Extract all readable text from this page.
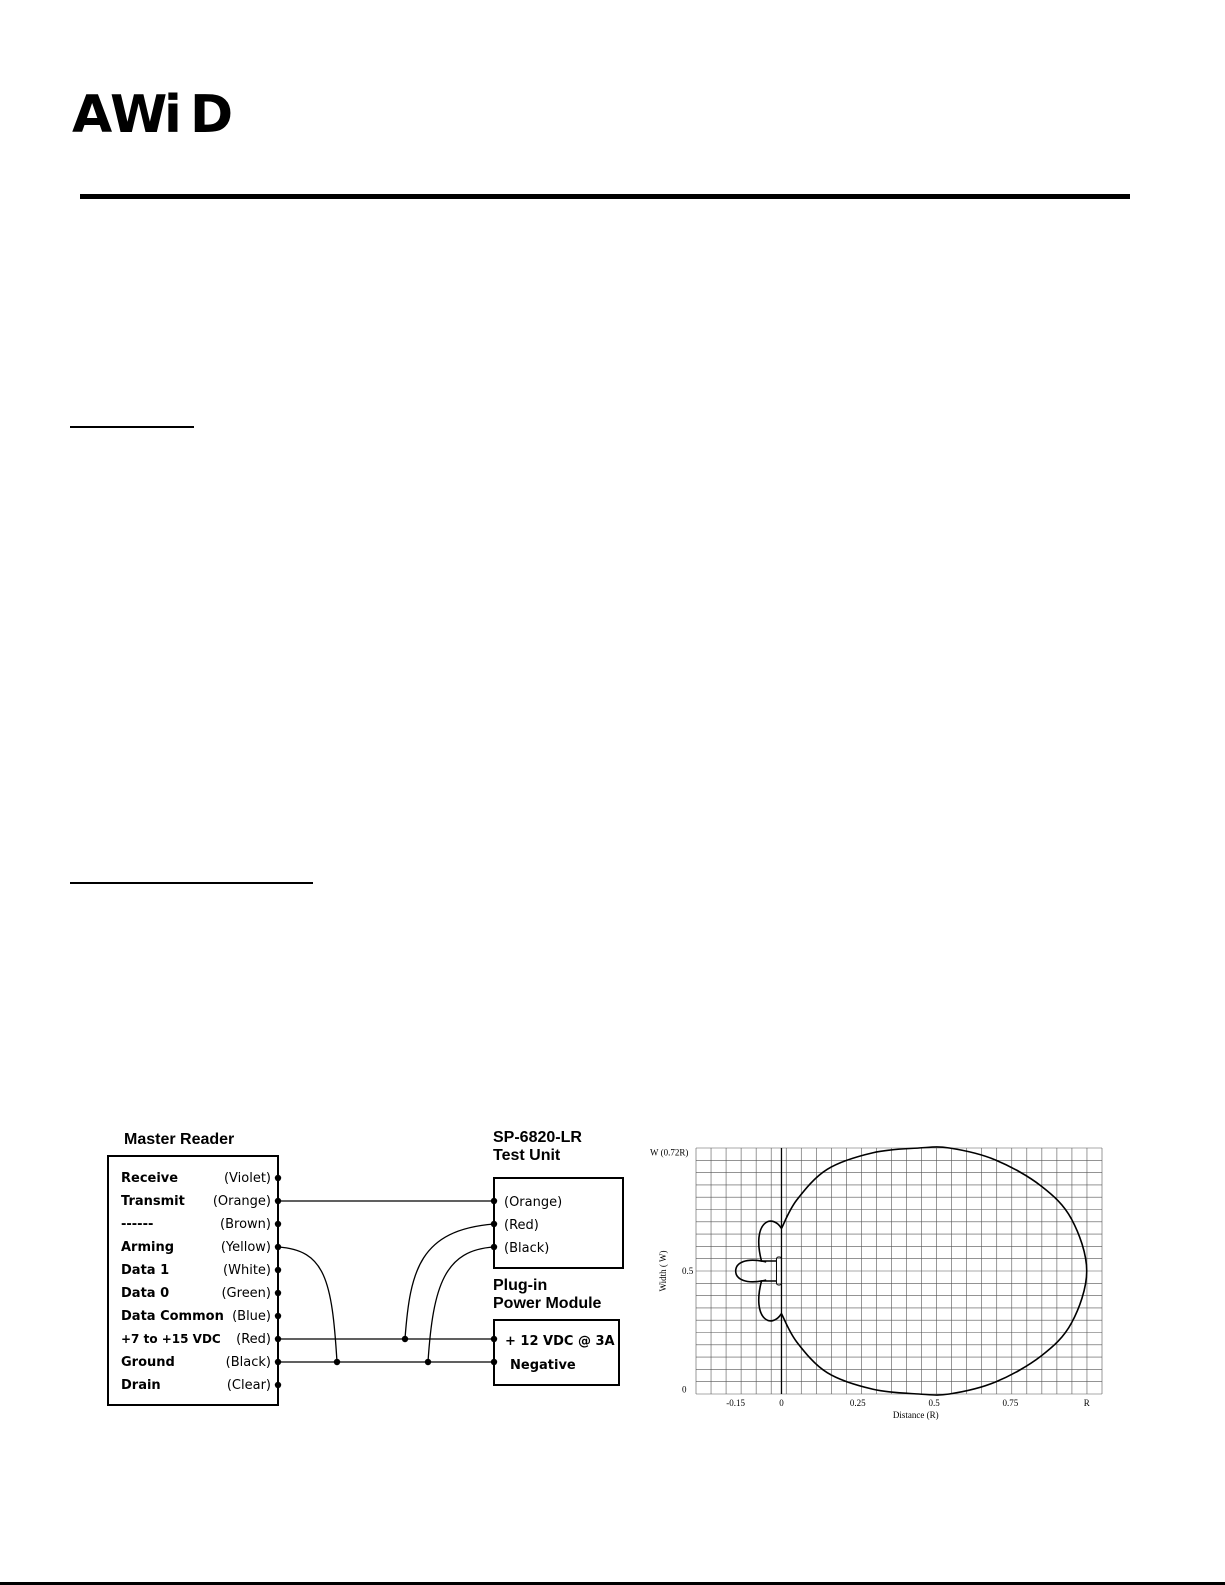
A
W
i D
Master Reader
Receive	(Violet)
Transmit (Orange)
------	(Brown)
Arming	(Yellow)
Data 1	(White)
Data 0	(Green)
Data Common (Blue)
+7 to +15 VDC (Red)
Ground	(Black)
Drain	(Clear)
SP-6820-LR
Test Unit
(Orange)
(Red)
(Black)
Plug-in
Power Module
+ 12 VDC @ 3A
Negative
-0.15	0	0.25	0.5	0.75	R
0
0.5
W (0.72R)
Distance (R)
Width ( W)
